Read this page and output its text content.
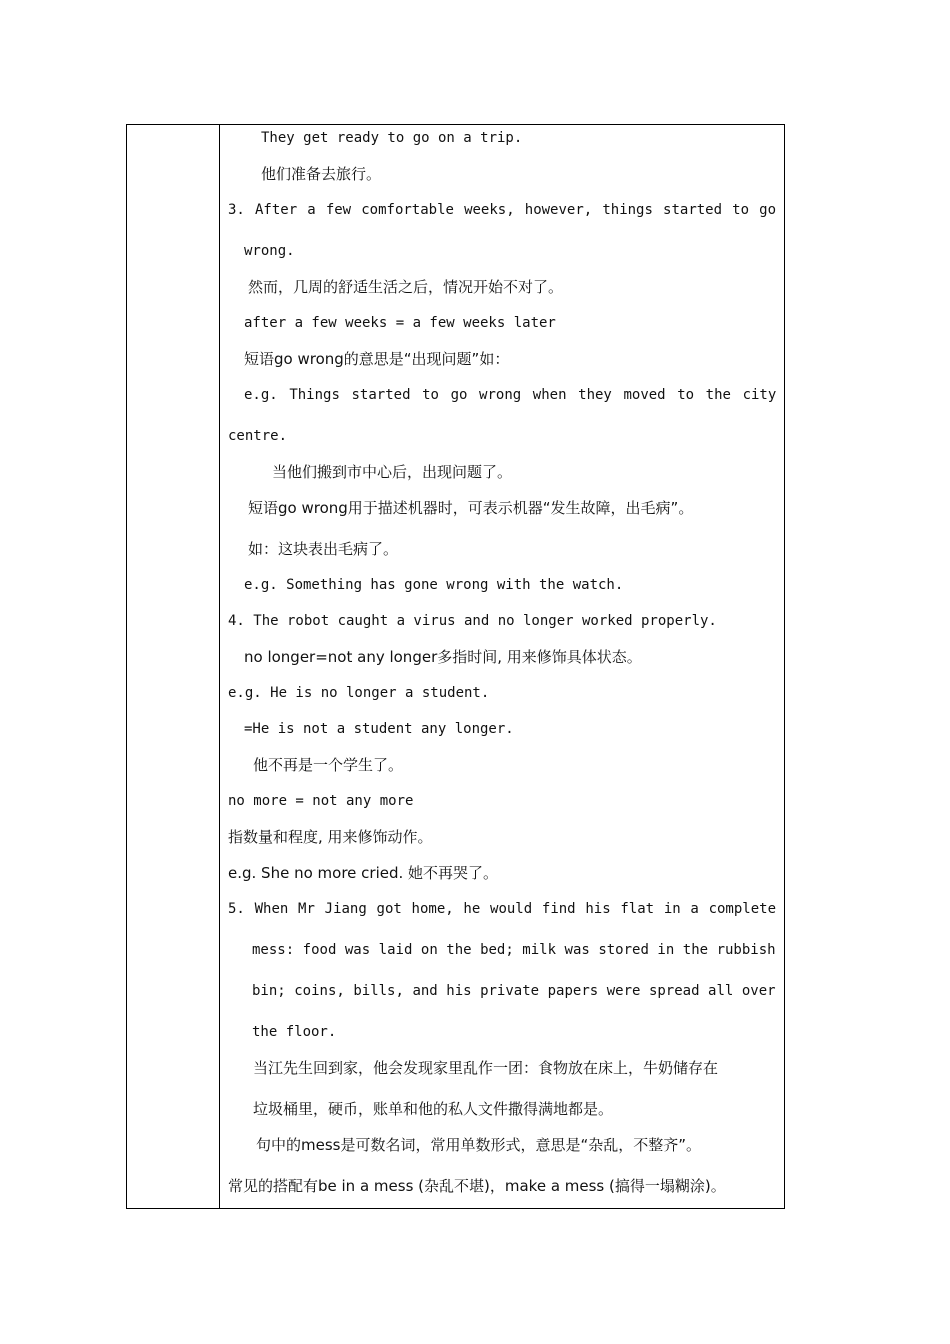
They get ready to go on a trip.
他们准备去旅行。
3. After a few comfortable weeks, however, things started to go
wrong.
然而，几周的舒适生活之后，情况开始不对了。
after a few weeks = a few weeks later
短语go wrong的意思是“出现问题”如：
e.g. Things started to go wrong when they moved to the city
centre.
当他们搬到市中心后，出现问题了。
短语go wrong用于描述机器时，可表示机器“发生故障，出毛病”。
如：这块表出毛病了。
e.g. Something has gone wrong with the watch.
4. The robot caught a virus and no longer worked properly.
no longer=not any longer多指时间, 用来修饰具体状态。
e.g. He is no longer a student.
=He is not a student any longer.
他不再是一个学生了。
no more = not any more
指数量和程度, 用来修饰动作。
e.g. She no more cried. 她不再哭了。
5. When Mr Jiang got home, he would find his flat in a complete
mess: food was laid on the bed; milk was stored in the rubbish
bin; coins, bills, and his private papers were spread all over
the floor.
当江先生回到家，他会发现家里乱作一团：食物放在床上，牛奶储存在
垃圾桶里，硬币，账单和他的私人文件撒得满地都是。
句中的mess是可数名词，常用单数形式，意思是“杂乱，不整齐”。
常见的搭配有be in a mess (杂乱不堪)，make a mess (搞得一塌糊涂)。
